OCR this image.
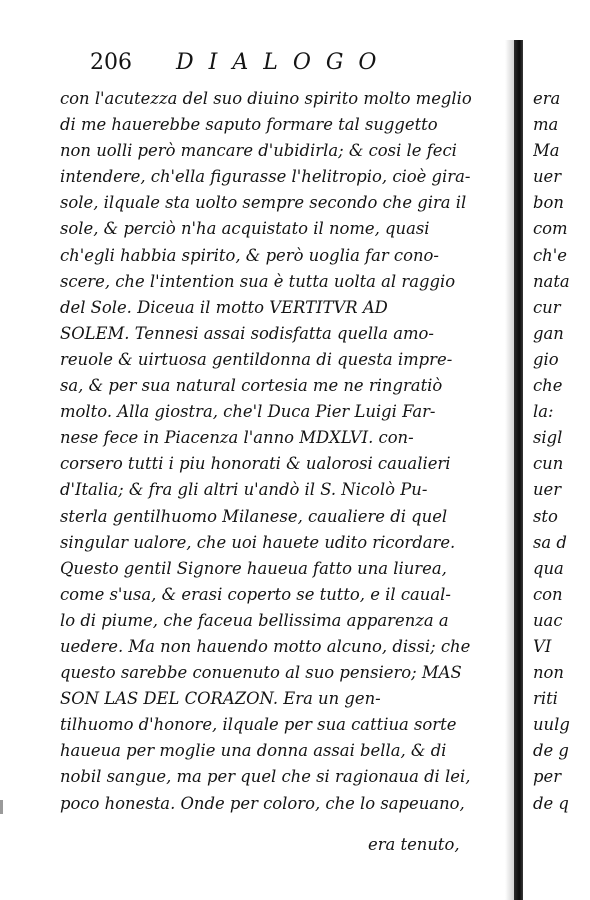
206 DIALOGO
con l'acutezza del suo diuino spirito molto meglio
di me hauerebbe saputo formare tal suggetto
non uolli però mancare d'ubidirla; & cosi le feci
intendere, ch'ella figurasse l'helitropio, cioè gira-
sole, ilquale sta uolto sempre secondo che gira il
sole, & perciò n'ha acquistato il nome, quasi
ch'egli habbia spirito, & però uoglia far cono-
scere, che l'intention sua è tutta uolta al raggio
del Sole. Diceua il motto VERTITVR AD
SOLEM. Tennesi assai sodisfatta quella amo-
reuole & uirtuosa gentildonna di questa impre-
sa, & per sua natural cortesia me ne ringratiò
molto. Alla giostra, che'l Duca Pier Luigi Far-
nese fece in Piacenza l'anno MDXLVI. con-
corsero tutti i piu honorati & ualorosi caualieri
d'Italia; & fra gli altri u'andò il S. Nicolò Pu-
sterla gentilhuomo Milanese, caualiere di quel
singular ualore, che uoi hauete udito ricordare.
Questo gentil Signore haueua fatto una liurea,
come s'usa, & erasi coperto se tutto, e il caual-
lo di piume, che faceua bellissima apparenza a
uedere. Ma non hauendo motto alcuno, dissi; che
questo sarebbe conuenuto al suo pensiero; MAS
SON LAS DEL CORAZON. Era un gen-
tilhuomo d'honore, ilquale per sua cattiua sorte
haueua per moglie una donna assai bella, & di
nobil sangue, ma per quel che si ragionaua di lei,
poco honesta. Onde per coloro, che lo sapeuano,
era tenuto,
era
ma
Ma
uer
bon
com
ch'e
nata
cur
gan
gio
che
la:
sigl
cun
uer
sto
sa d
qua
con
uac
VI
non
riti
uulg
de g
per
de q
